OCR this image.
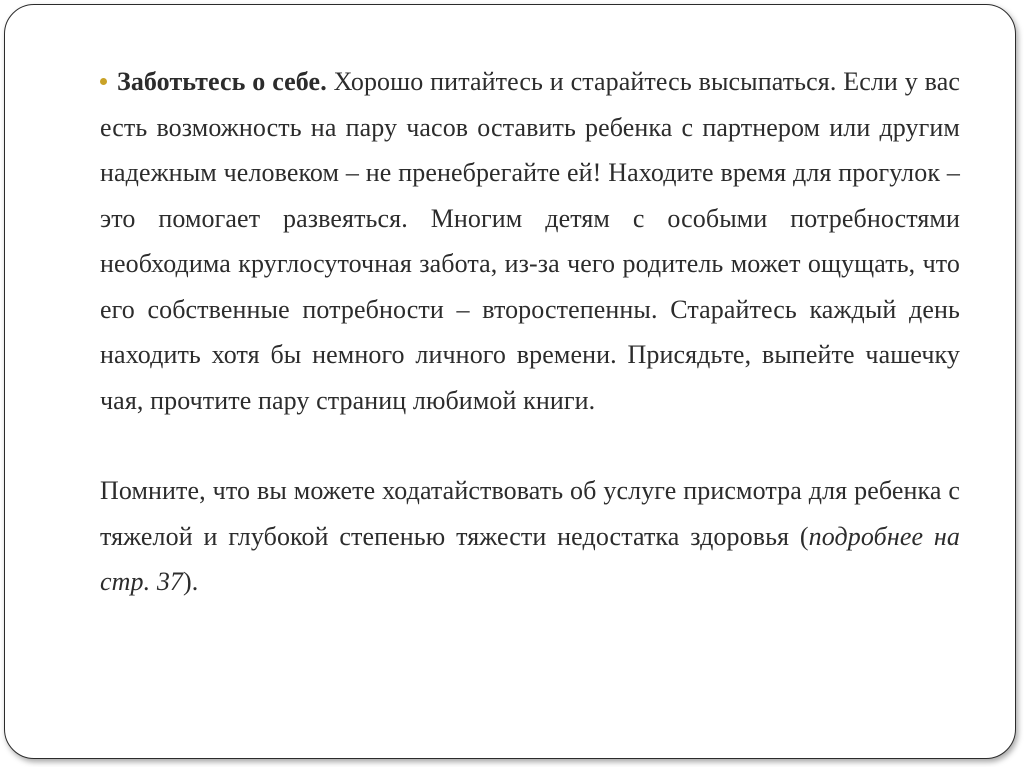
Заботьтесь о себе. Хорошо питайтесь и старайтесь высыпаться. Если у вас есть возможность на пару часов оставить ребенка с партнером или другим надежным человеком – не пренебрегайте ей! Находите время для прогулок – это помогает развеяться. Многим детям с особыми потребностями необходима круглосуточная забота, из-за чего родитель может ощущать, что его собственные потребности – второстепенны. Старайтесь каждый день находить хотя бы немного личного времени. Присядьте, выпейте чашечку чая, прочтите пару страниц любимой книги.

Помните, что вы можете ходатайствовать об услуге присмотра для ребенка с тяжелой и глубокой степенью тяжести недостатка здоровья (подробнее на стр. 37).
